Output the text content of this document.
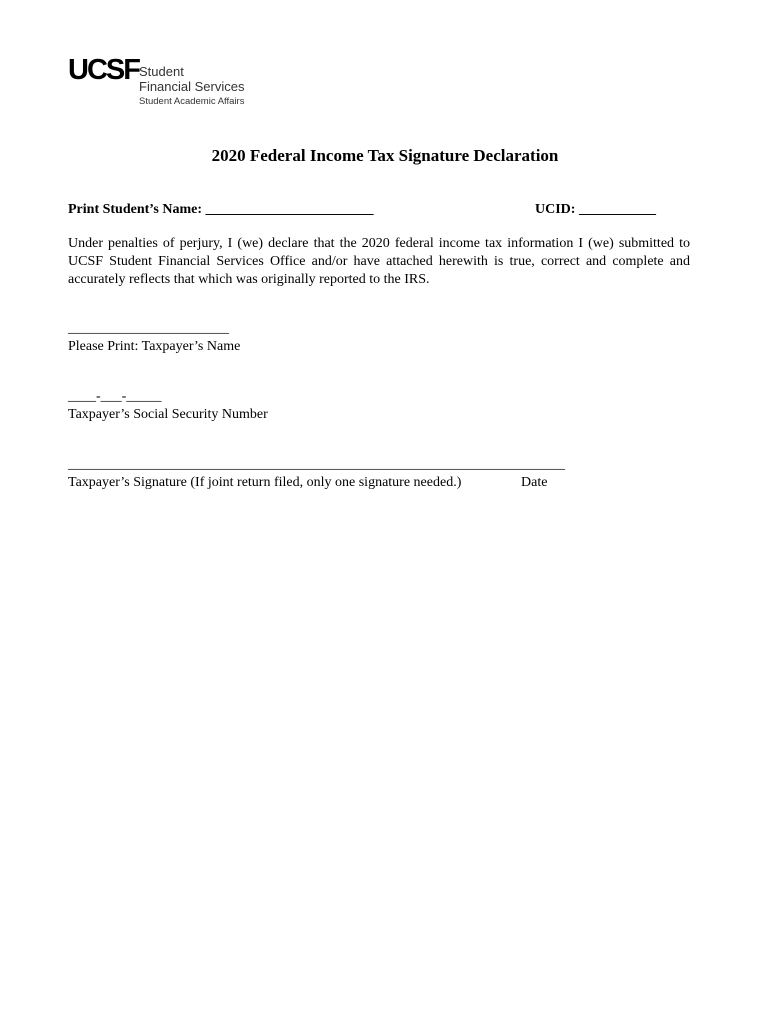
UCSF Student
Financial Services
Student Academic Affairs
2020 Federal Income Tax Signature Declaration
Print Student’s Name: ________________________	UCID: ___________
Under penalties of perjury, I (we) declare that the 2020 federal income tax information I (we) submitted to UCSF Student Financial Services Office and/or have attached herewith is true, correct and complete and accurately reflects that which was originally reported to the IRS.
_______________________
Please Print: Taxpayer’s Name
____-___-_____
Taxpayer’s Social Security Number
_______________________________________________________________________
Taxpayer’s Signature (If joint return filed, only one signature needed.)	Date
